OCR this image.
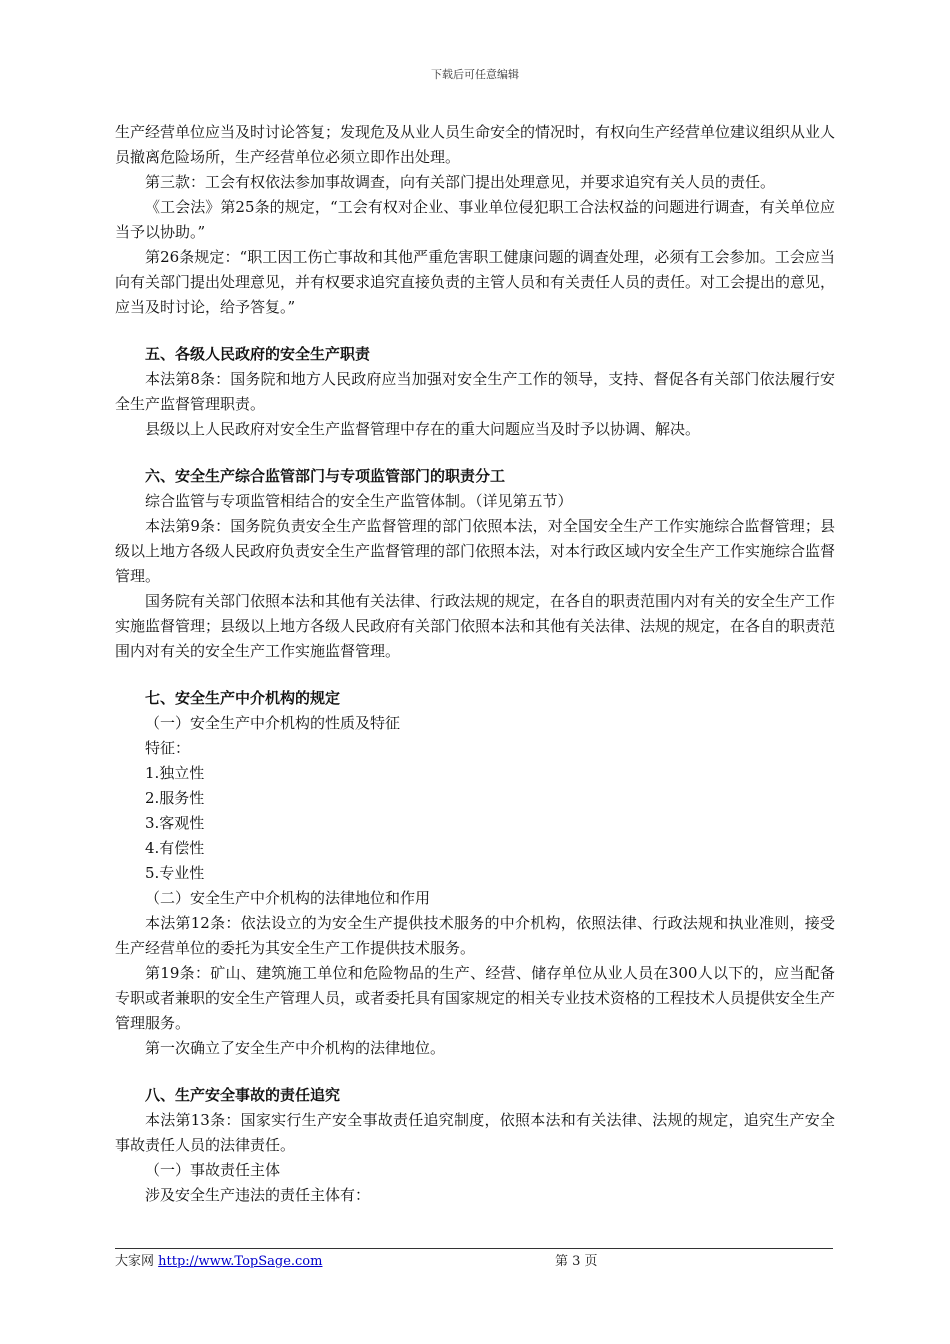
下载后可任意编辑

生产经营单位应当及时讨论答复；发现危及从业人员生命安全的情况时，有权向生产经营单位建议组织从业人员撤离危险场所，生产经营单位必须立即作出处理。

第三款：工会有权依法参加事故调查，向有关部门提出处理意见，并要求追究有关人员的责任。

《工会法》第25条的规定，“工会有权对企业、事业单位侵犯职工合法权益的问题进行调查，有关单位应当予以协助。”

第26条规定：“职工因工伤亡事故和其他严重危害职工健康问题的调查处理，必须有工会参加。工会应当向有关部门提出处理意见，并有权要求追究直接负责的主管人员和有关责任人员的责任。对工会提出的意见，应当及时讨论，给予答复。”

五、各级人民政府的安全生产职责

本法第8条：国务院和地方人民政府应当加强对安全生产工作的领导，支持、督促各有关部门依法履行安全生产监督管理职责。

县级以上人民政府对安全生产监督管理中存在的重大问题应当及时予以协调、解决。

六、安全生产综合监管部门与专项监管部门的职责分工

综合监管与专项监管相结合的安全生产监管体制。（详见第五节）

本法第9条：国务院负责安全生产监督管理的部门依照本法，对全国安全生产工作实施综合监督管理；县级以上地方各级人民政府负责安全生产监督管理的部门依照本法，对本行政区域内安全生产工作实施综合监督管理。

国务院有关部门依照本法和其他有关法律、行政法规的规定，在各自的职责范围内对有关的安全生产工作实施监督管理；县级以上地方各级人民政府有关部门依照本法和其他有关法律、法规的规定，在各自的职责范围内对有关的安全生产工作实施监督管理。

七、安全生产中介机构的规定

（一）安全生产中介机构的性质及特征

特征：

1.独立性

2.服务性

3.客观性

4.有偿性

5.专业性

（二）安全生产中介机构的法律地位和作用

本法第12条：依法设立的为安全生产提供技术服务的中介机构，依照法律、行政法规和执业准则，接受生产经营单位的委托为其安全生产工作提供技术服务。

第19条：矿山、建筑施工单位和危险物品的生产、经营、储存单位从业人员在300人以下的，应当配备专职或者兼职的安全生产管理人员，或者委托具有国家规定的相关专业技术资格的工程技术人员提供安全生产管理服务。

第一次确立了安全生产中介机构的法律地位。

八、生产安全事故的责任追究

本法第13条：国家实行生产安全事故责任追究制度，依照本法和有关法律、法规的规定，追究生产安全事故责任人员的法律责任。

（一）事故责任主体

涉及安全生产违法的责任主体有：

大家网 http://www.TopSage.com	第 3 页
